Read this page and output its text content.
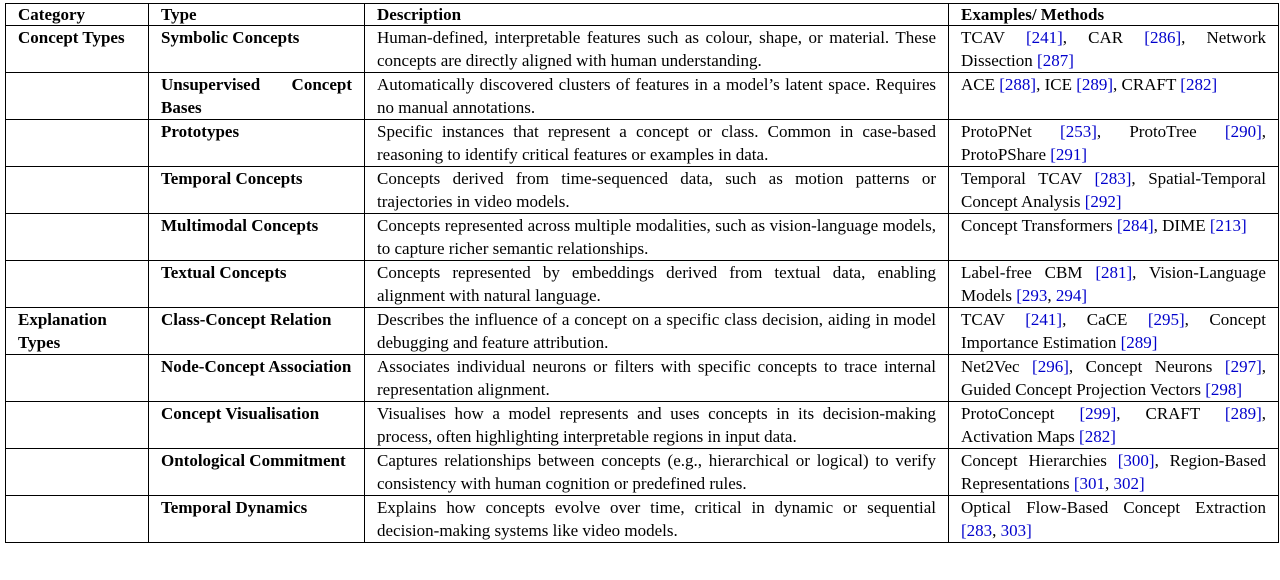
Category	Type	Description	Examples/ Methods
Concept Types	Symbolic Concepts	Human-defined, interpretable features such as colour, shape, or material. These concepts are directly aligned with human understanding.	TCAV [241], CAR [286], Network Dissection [287]
	Unsupervised Concept Bases	Automatically discovered clusters of features in a model’s latent space. Requires no manual annotations.	ACE [288], ICE [289], CRAFT [282]
	Prototypes	Specific instances that represent a concept or class. Common in case-based reasoning to identify critical features or examples in data.	ProtoPNet [253], ProtoTree [290], ProtoPShare [291]
	Temporal Concepts	Concepts derived from time-sequenced data, such as motion patterns or trajectories in video models.	Temporal TCAV [283], Spatial-Temporal Concept Analysis [292]
	Multimodal Concepts	Concepts represented across multiple modalities, such as vision-language models, to capture richer semantic relationships.	Concept Transformers [284], DIME [213]
	Textual Concepts	Concepts represented by embeddings derived from textual data, enabling alignment with natural language.	Label-free CBM [281], Vision-Language Models [293, 294]
Explanation Types	Class-Concept Relation	Describes the influence of a concept on a specific class decision, aiding in model debugging and feature attribution.	TCAV [241], CaCE [295], Concept Importance Estimation [289]
	Node-Concept Association	Associates individual neurons or filters with specific concepts to trace internal representation alignment.	Net2Vec [296], Concept Neurons [297], Guided Concept Projection Vectors [298]
	Concept Visualisation	Visualises how a model represents and uses concepts in its decision-making process, often highlighting interpretable regions in input data.	ProtoConcept [299], CRAFT [289], Activation Maps [282]
	Ontological Commitment	Captures relationships between concepts (e.g., hierarchical or logical) to verify consistency with human cognition or predefined rules.	Concept Hierarchies [300], Region-Based Representations [301, 302]
	Temporal Dynamics	Explains how concepts evolve over time, critical in dynamic or sequential decision-making systems like video models.	Optical Flow-Based Concept Extraction [283, 303]
